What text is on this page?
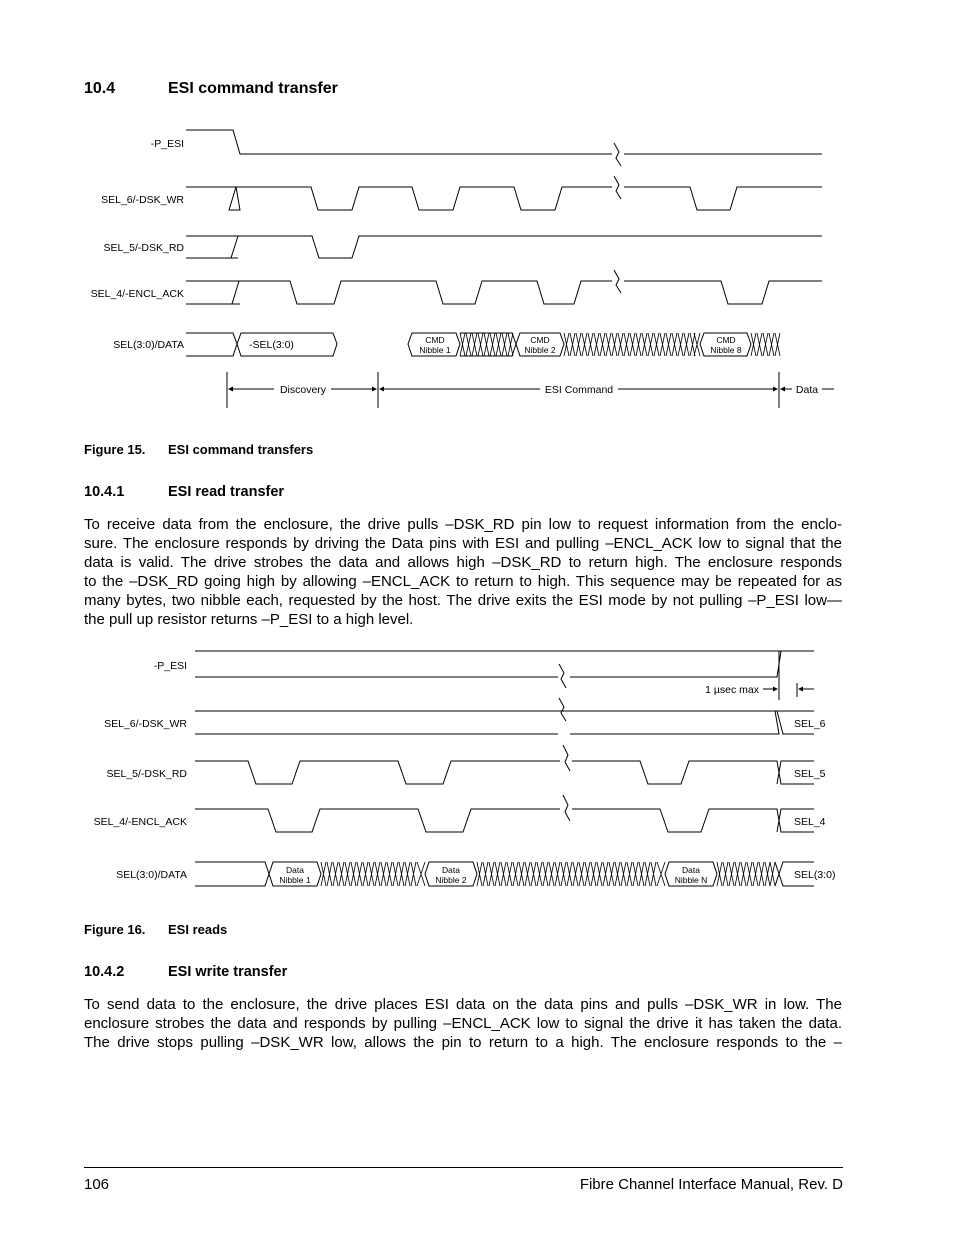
10.4	ESI command transfer
-P_ESI
SEL_6/-DSK_WR
SEL_5/-DSK_RD
SEL_4/-ENCL_ACK
SEL(3:0)/DATA	-SEL(3:0)
Discovery	ESI Command	Data
CMD
Nibble 1
CMD
Nibble 2
CMD
Nibble 8
Figure 15. ESI command transfers
10.4.1	ESI read transfer
To receive data from the enclosure, the drive pulls –DSK_RD pin low to request information from the enclo-
sure. The enclosure responds by driving the Data pins with ESI and pulling –ENCL_ACK low to signal that the
data is valid. The drive strobes the data and allows high –DSK_RD to return high. The enclosure responds
to the –DSK_RD going high by allowing –ENCL_ACK to return to high. This sequence may be repeated for as
many bytes, two nibble each, requested by the host. The drive exits the ESI mode by not pulling –P_ESI low—
the pull up resistor returns –P_ESI to a high level.
-P_ESI
SEL_6/-DSK_WR
SEL_5/-DSK_RD
SEL_4/-ENCL_ACK
SEL(3:0)/DATA
1 µsec max
SEL_6
SEL_5
SEL_4
SEL(3:0)
Data
Nibble 1
Data
Nibble 2
Data
Nibble N
Figure 16. ESI reads
10.4.2	ESI write transfer
To send data to the enclosure, the drive places ESI data on the data pins and pulls –DSK_WR in low. The
enclosure strobes the data and responds by pulling –ENCL_ACK low to signal the drive it has taken the data.
The drive stops pulling –DSK_WR low, allows the pin to return to a high. The enclosure responds to the –
106	Fibre Channel Interface Manual, Rev. D
